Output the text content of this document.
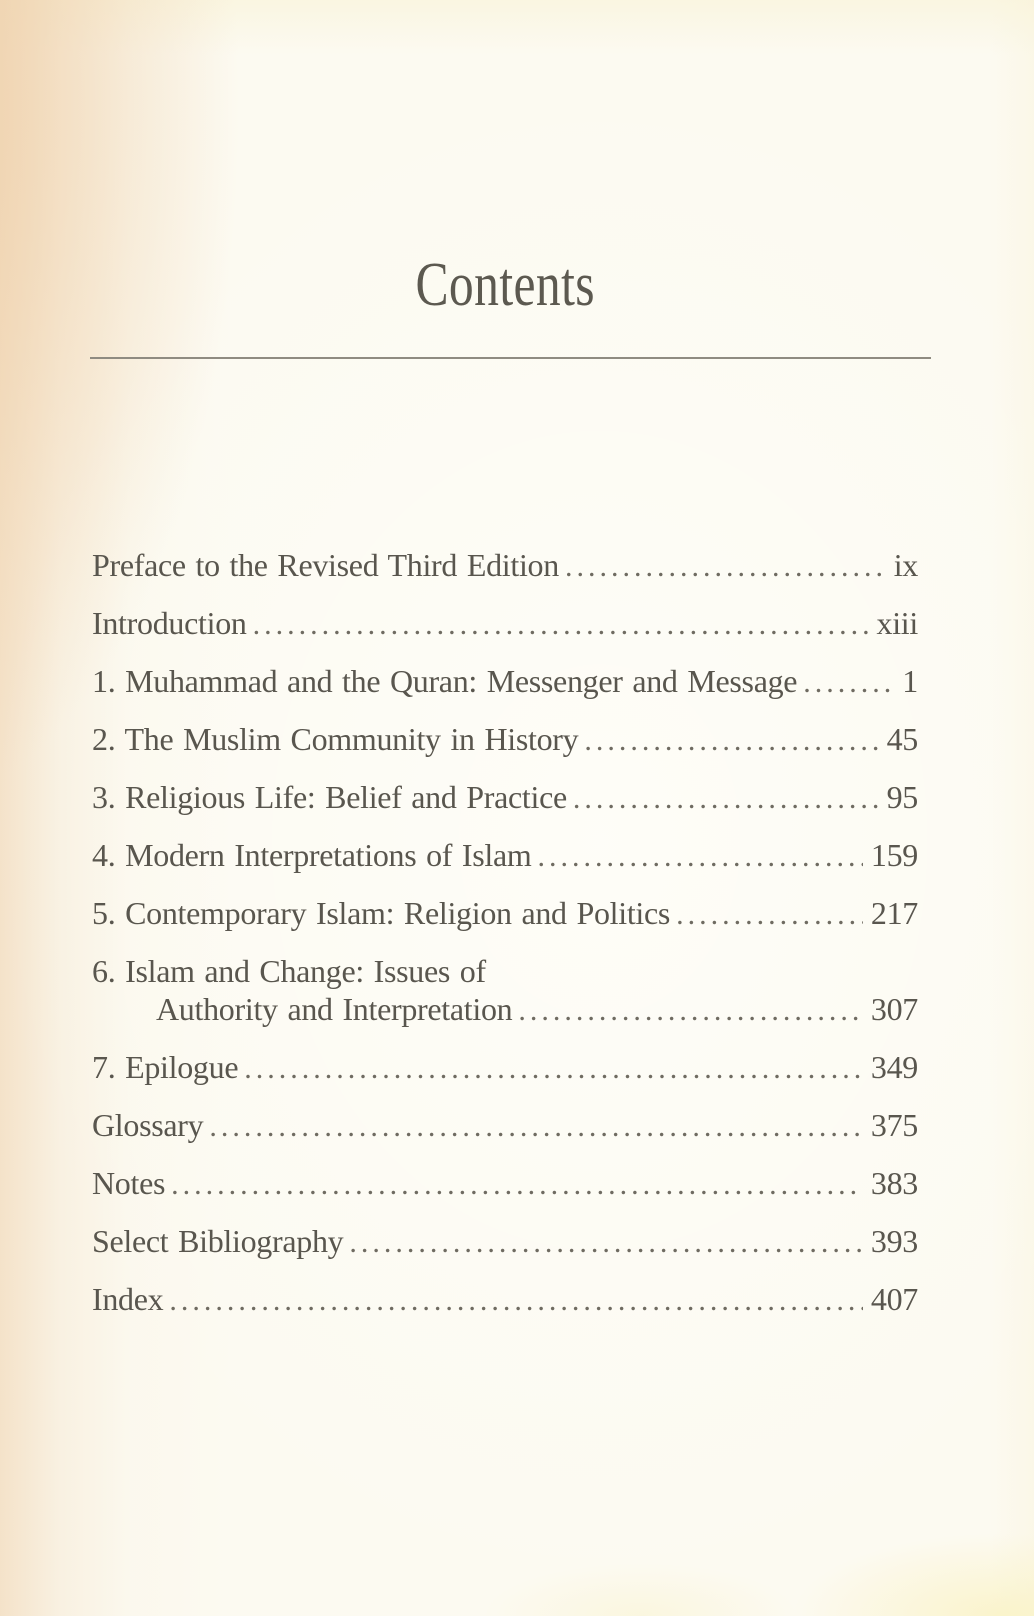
Contents
Preface to the Revised Third Edition .....	ix
Introduction .....	xiii
1. Muhammad and the Quran: Messenger and Message .....	1
2. The Muslim Community in History .....	45
3. Religious Life: Belief and Practice .....	95
4. Modern Interpretations of Islam .....	159
5. Contemporary Islam: Religion and Politics .....	217
6. Islam and Change: Issues of
Authority and Interpretation .....	307
7. Epilogue .....	349
Glossary .....	375
Notes .....	383
Select Bibliography .....	393
Index .....	407
